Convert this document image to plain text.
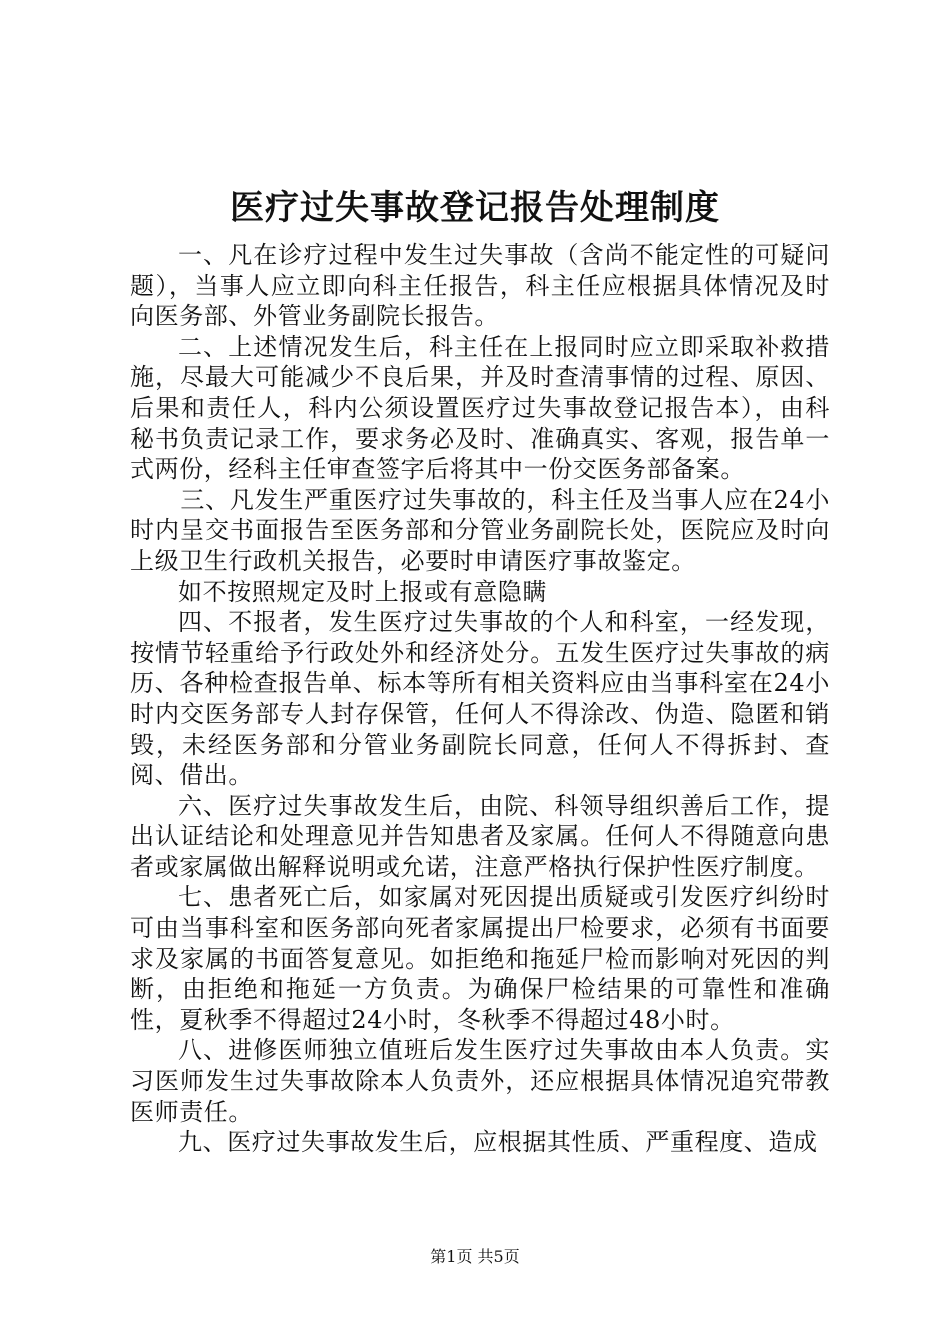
医疗过失事故登记报告处理制度

一、凡在诊疗过程中发生过失事故（含尚不能定性的可疑问题），当事人应立即向科主任报告，科主任应根据具体情况及时向医务部、外管业务副院长报告。

二、上述情况发生后，科主任在上报同时应立即采取补救措施，尽最大可能减少不良后果，并及时查清事情的过程、原因、后果和责任人，科内公须设置医疗过失事故登记报告本），由科秘书负责记录工作，要求务必及时、准确真实、客观，报告单一式两份，经科主任审查签字后将其中一份交医务部备案。

三、凡发生严重医疗过失事故的，科主任及当事人应在24小时内呈交书面报告至医务部和分管业务副院长处，医院应及时向上级卫生行政机关报告，必要时申请医疗事故鉴定。

如不按照规定及时上报或有意隐瞒

四、不报者，发生医疗过失事故的个人和科室，一经发现，按情节轻重给予行政处外和经济处分。五发生医疗过失事故的病历、各种检查报告单、标本等所有相关资料应由当事科室在24小时内交医务部专人封存保管，任何人不得涂改、伪造、隐匿和销毁，未经医务部和分管业务副院长同意，任何人不得拆封、查阅、借出。

六、医疗过失事故发生后，由院、科领导组织善后工作，提出认证结论和处理意见并告知患者及家属。任何人不得随意向患者或家属做出解释说明或允诺，注意严格执行保护性医疗制度。

七、患者死亡后，如家属对死因提出质疑或引发医疗纠纷时可由当事科室和医务部向死者家属提出尸检要求，必须有书面要求及家属的书面答复意见。如拒绝和拖延尸检而影响对死因的判断，由拒绝和拖延一方负责。为确保尸检结果的可靠性和准确性，夏秋季不得超过24小时，冬秋季不得超过48小时。

八、进修医师独立值班后发生医疗过失事故由本人负责。实习医师发生过失事故除本人负责外，还应根据具体情况追究带教医师责任。

九、医疗过失事故发生后，应根据其性质、严重程度、造成

第1页 共5页
